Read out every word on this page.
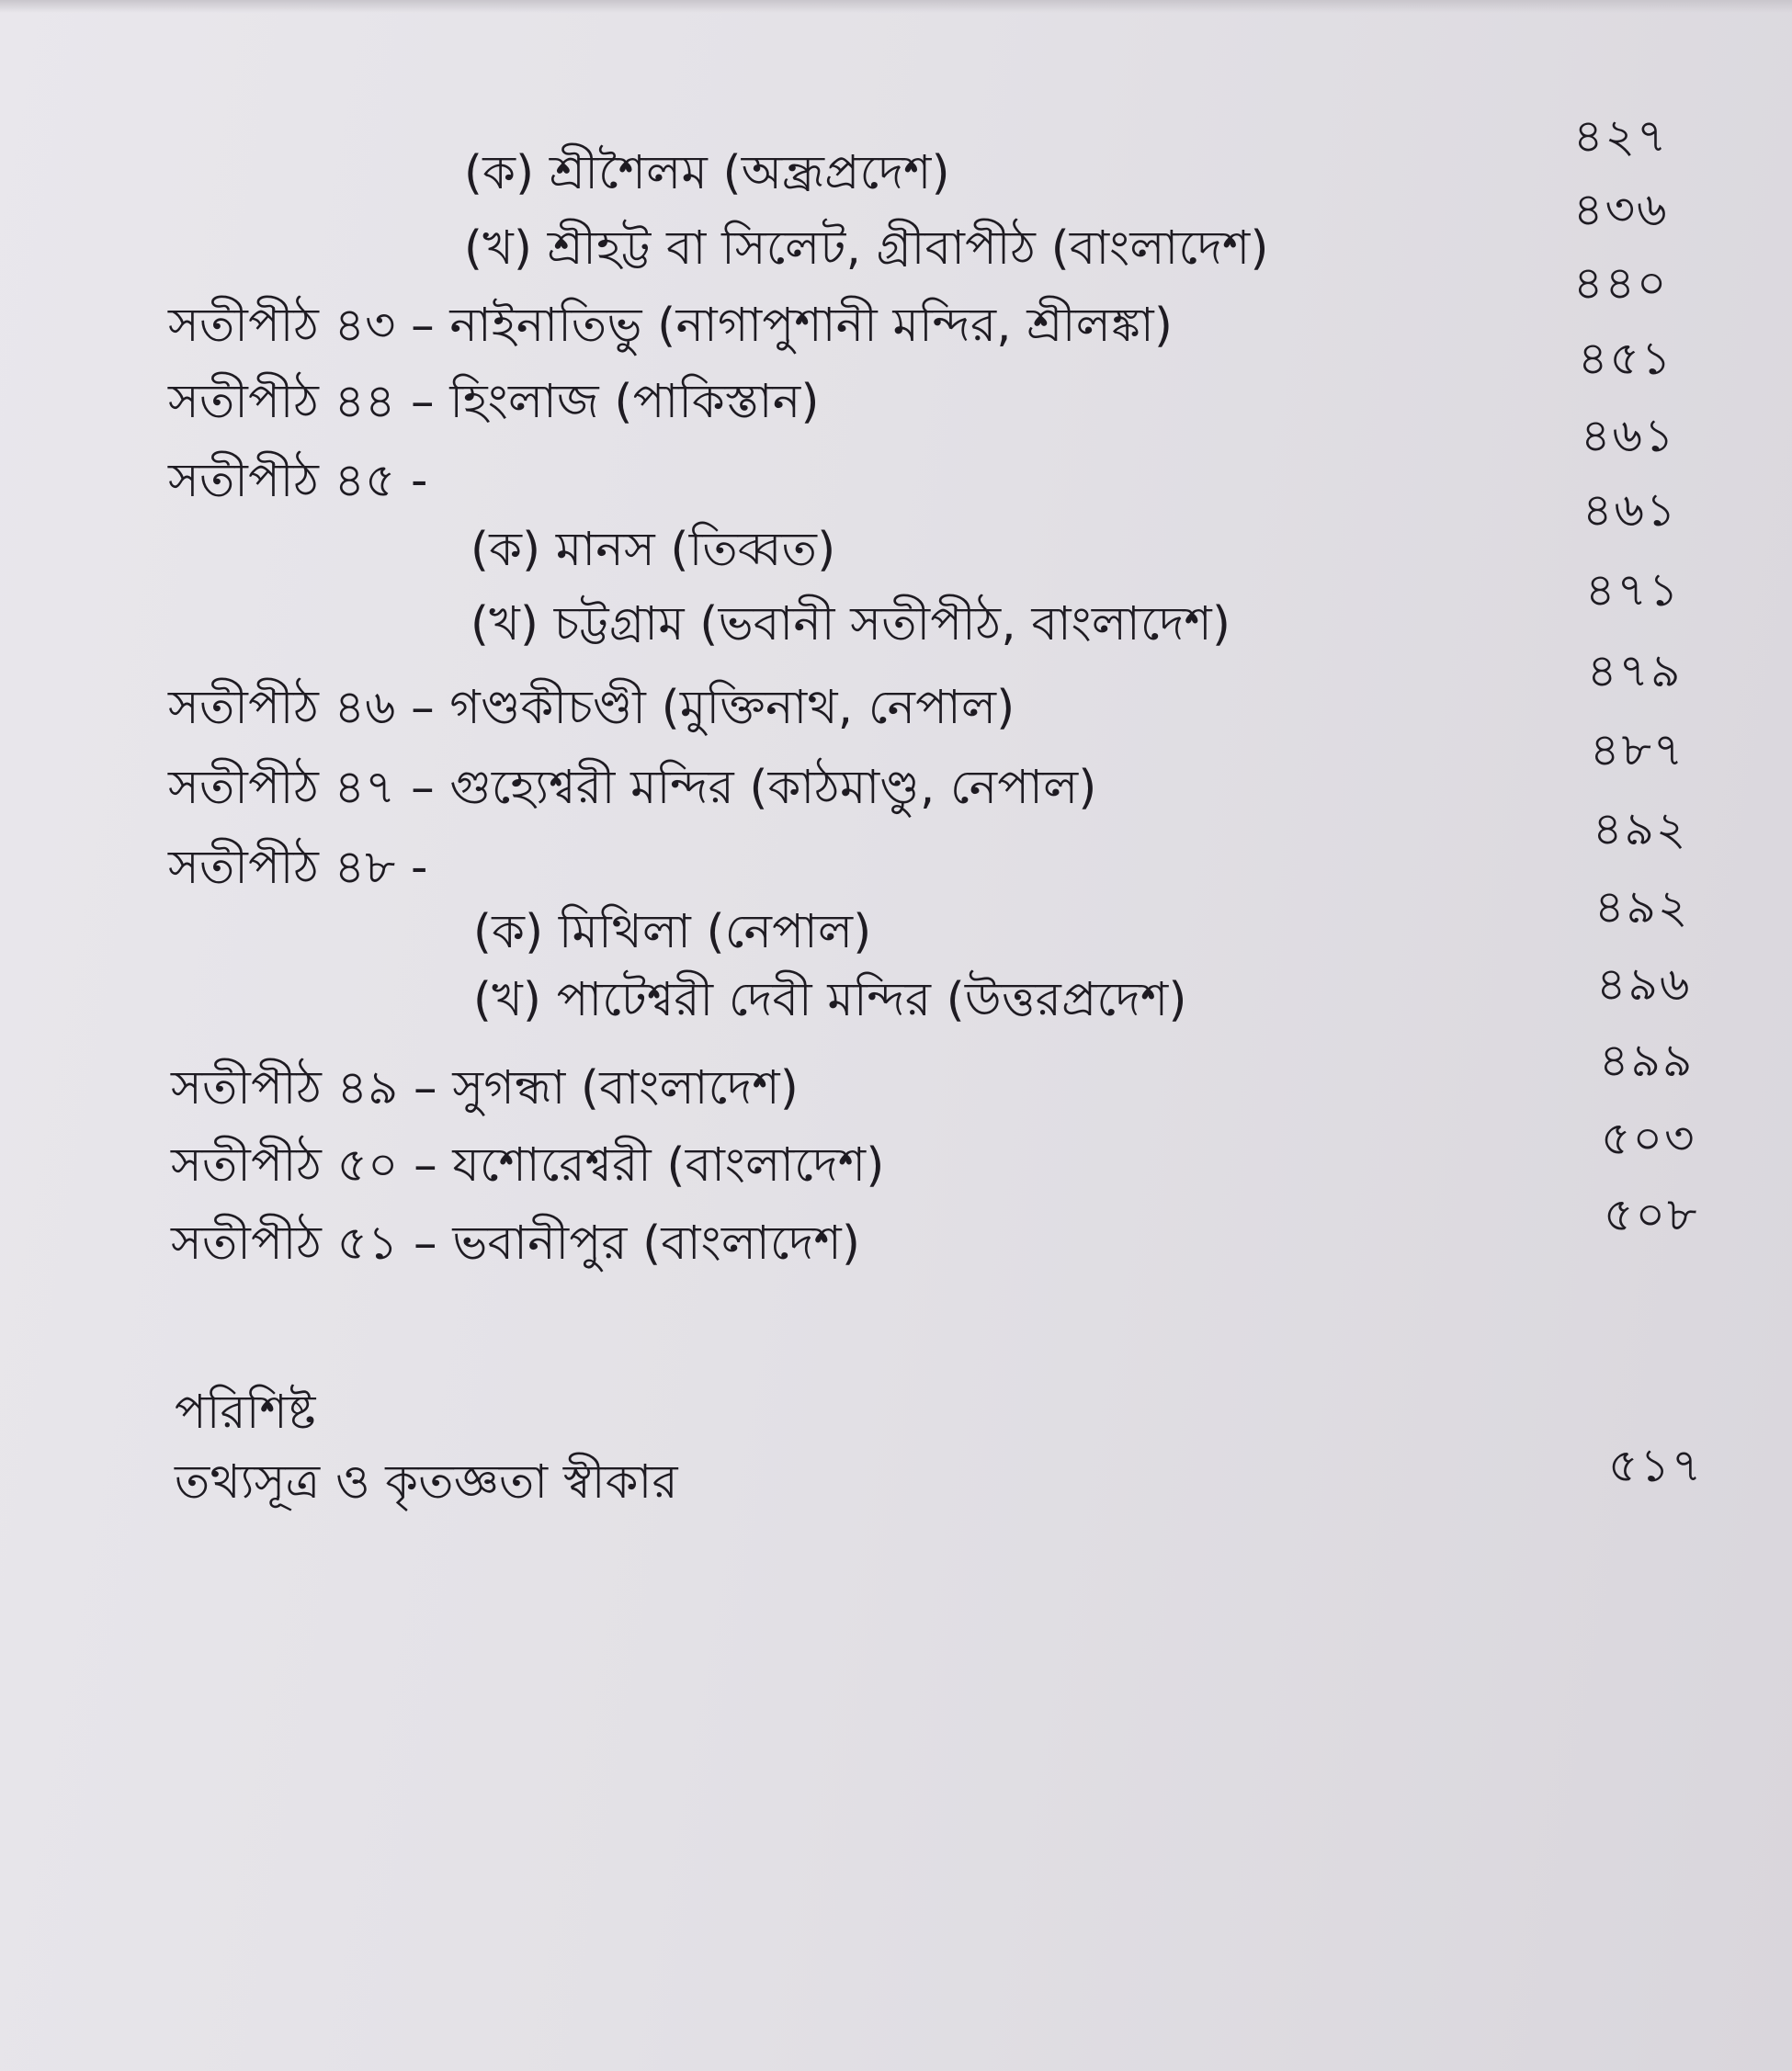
(ক) শ্রীশৈলম (অন্ধ্রপ্রদেশ)
(খ) শ্রীহট্ট বা সিলেট, গ্রীবাপীঠ (বাংলাদেশ)
সতীপীঠ ৪৩ – নাইনাতিভু (নাগাপুশানী মন্দির, শ্রীলঙ্কা)
সতীপীঠ ৪৪ – হিংলাজ (পাকিস্তান)
সতীপীঠ ৪৫ -
(ক) মানস (তিব্বত)
(খ) চট্টগ্রাম (ভবানী সতীপীঠ, বাংলাদেশ)
সতীপীঠ ৪৬ – গণ্ডকীচণ্ডী (মুক্তিনাথ, নেপাল)
সতীপীঠ ৪৭ – গুহ্যেশ্বরী মন্দির (কাঠমাণ্ডু, নেপাল)
সতীপীঠ ৪৮ -
(ক) মিথিলা (নেপাল)
(খ) পাটেশ্বরী দেবী মন্দির (উত্তরপ্রদেশ)
সতীপীঠ ৪৯ – সুগন্ধা (বাংলাদেশ)
সতীপীঠ ৫০ – যশোরেশ্বরী (বাংলাদেশ)
সতীপীঠ ৫১ – ভবানীপুর (বাংলাদেশ)
৪২৭
৪৩৬
৪৪০
৪৫১
৪৬১
৪৬১
৪৭১
৪৭৯
৪৮৭
৪৯২
৪৯২
৪৯৬
৪৯৯
৫০৩
৫০৮
পরিশিষ্ট
তথ্যসূত্র ও কৃতজ্ঞতা স্বীকার	৫১৭
